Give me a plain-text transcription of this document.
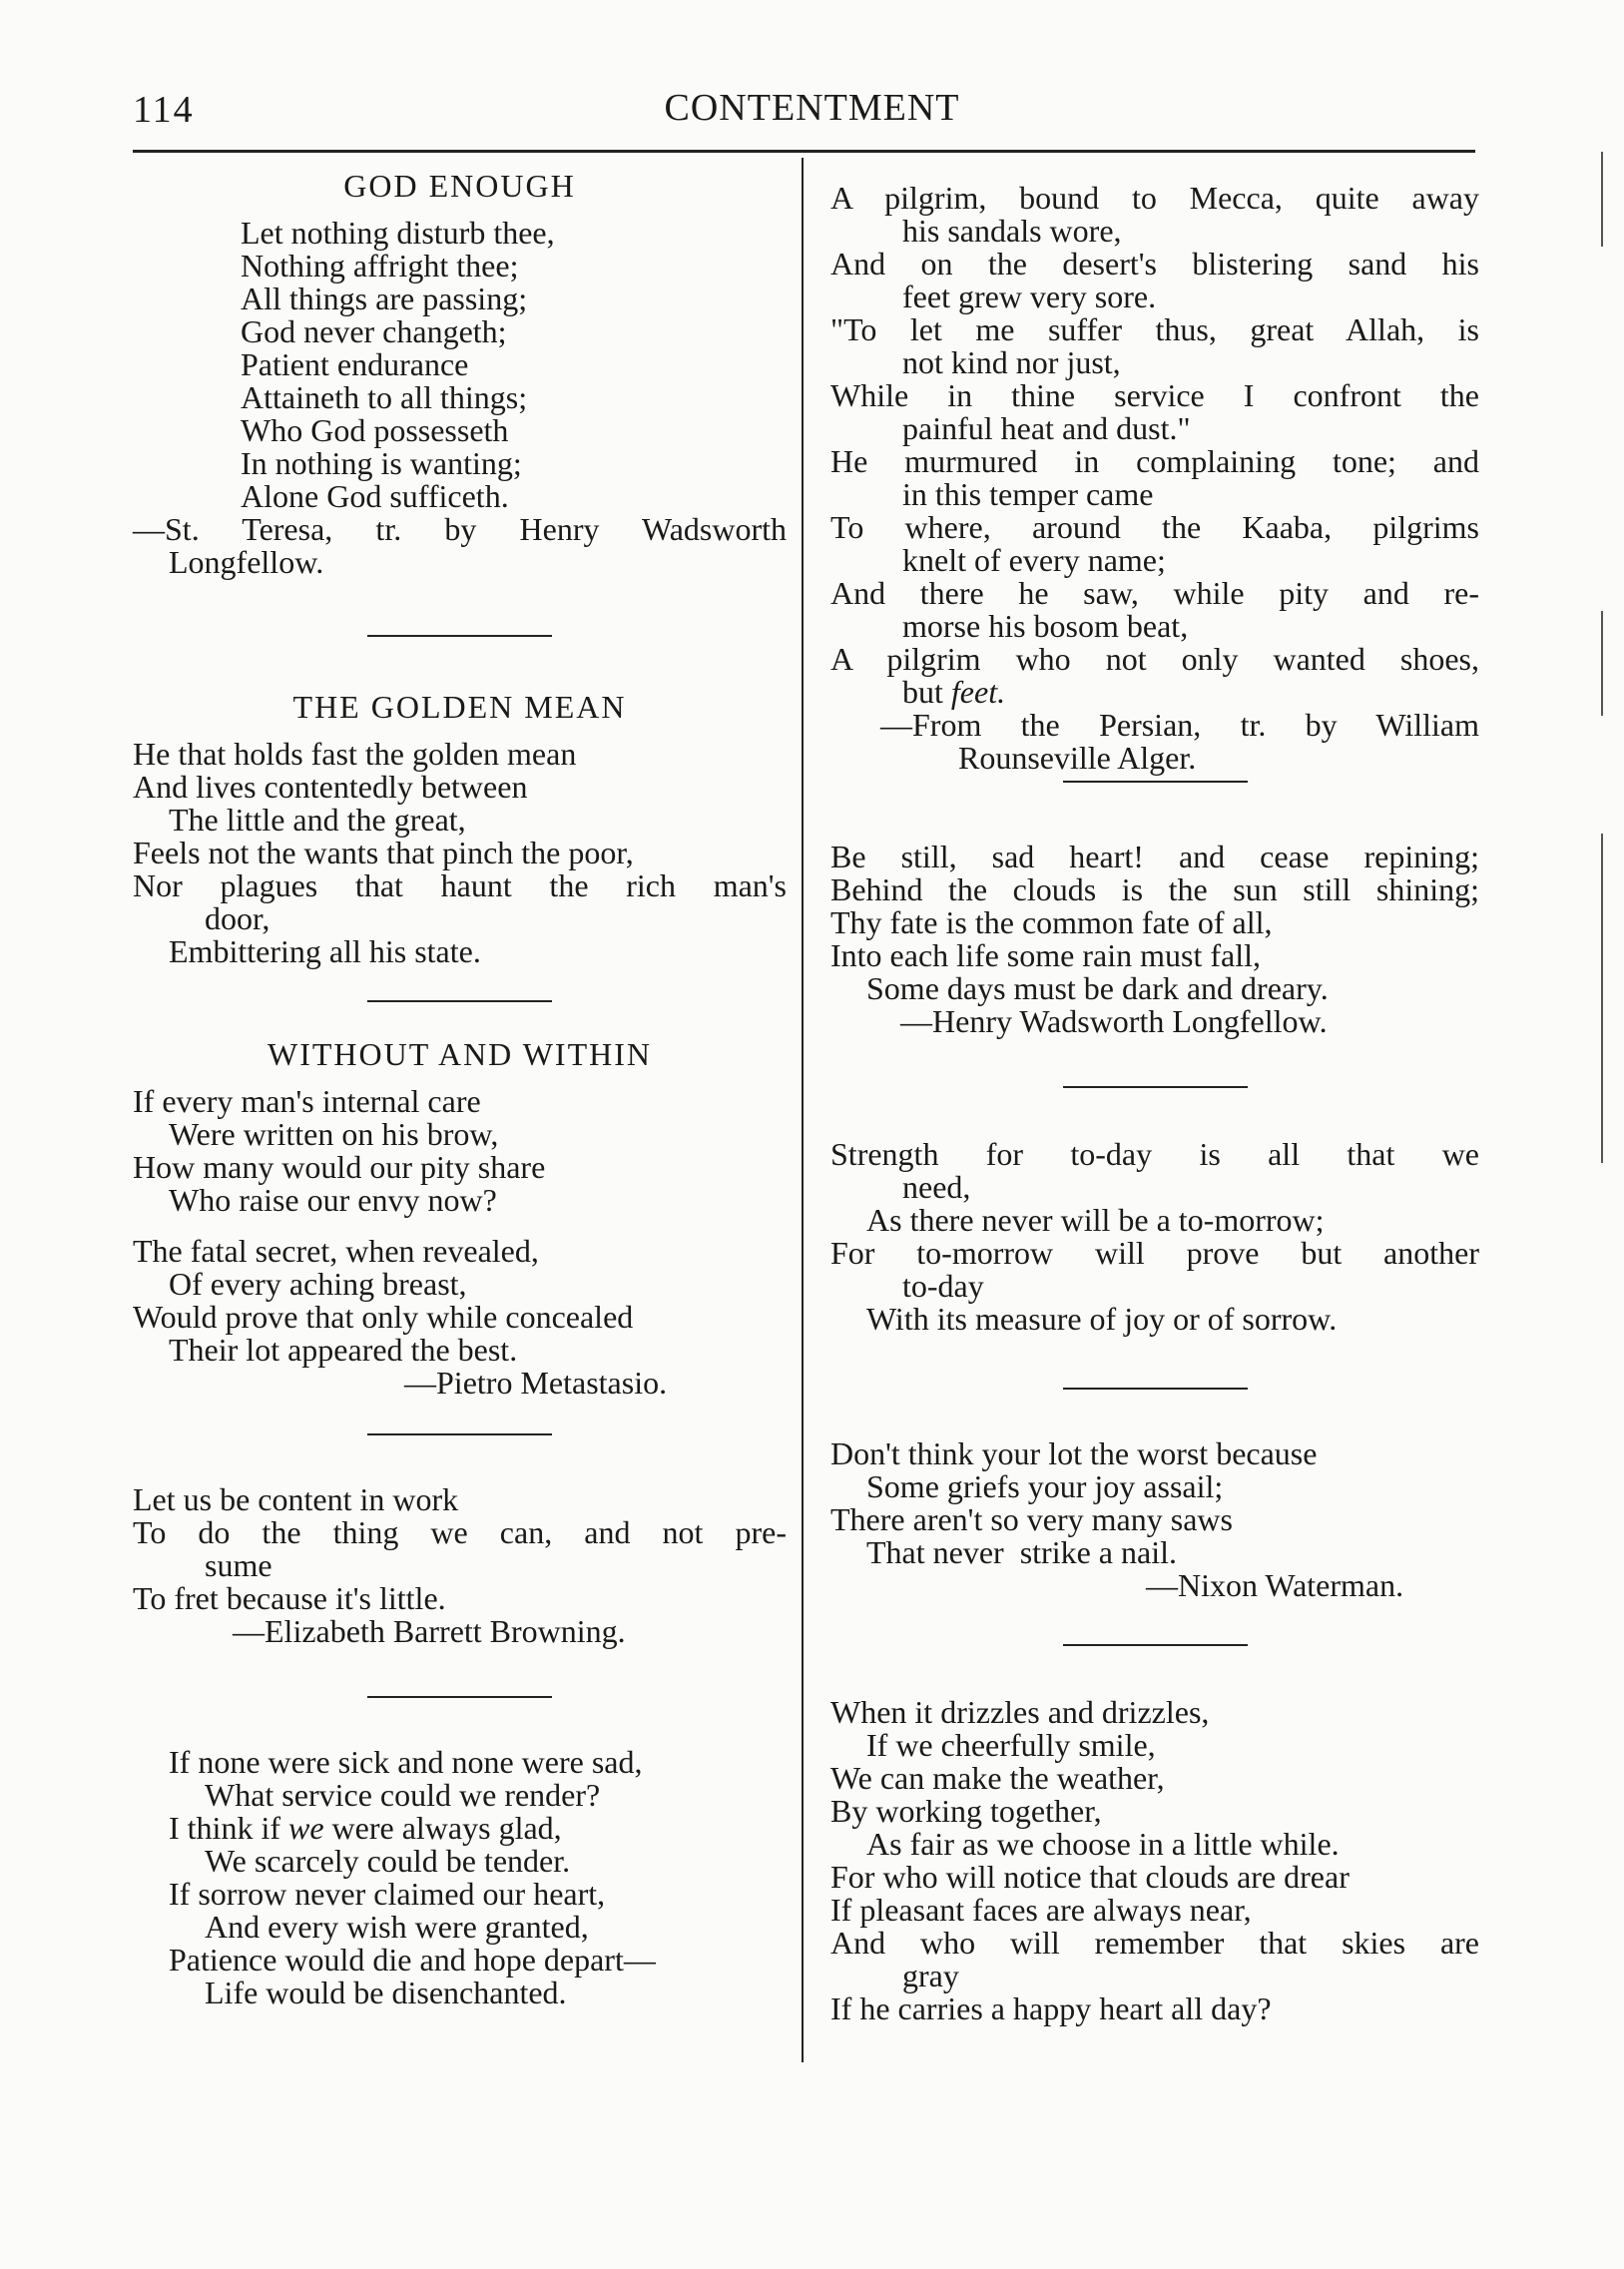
114	CONTENTMENT
GOD ENOUGH
Let nothing disturb thee,
Nothing affright thee;
All things are passing;
God never changeth;
Patient endurance
Attaineth to all things;
Who God possesseth
In nothing is wanting;
Alone God sufficeth.
—St. Teresa, tr. by Henry Wadsworth
Longfellow.
THE GOLDEN MEAN
He that holds fast the golden mean
And lives contentedly between
The little and the great,
Feels not the wants that pinch the poor,
Nor plagues that haunt the rich man's
door,
Embittering all his state.
WITHOUT AND WITHIN
If every man's internal care
Were written on his brow,
How many would our pity share
Who raise our envy now?
The fatal secret, when revealed,
Of every aching breast,
Would prove that only while concealed
Their lot appeared the best.
—Pietro Metastasio.
Let us be content in work
To do the thing we can, and not pre-
sume
To fret because it's little.
—Elizabeth Barrett Browning.
If none were sick and none were sad,
What service could we render?
I think if we were always glad,
We scarcely could be tender.
If sorrow never claimed our heart,
And every wish were granted,
Patience would die and hope depart—
Life would be disenchanted.
A pilgrim, bound to Mecca, quite away
his sandals wore,
And on the desert's blistering sand his
feet grew very sore.
"To let me suffer thus, great Allah, is
not kind nor just,
While in thine service I confront the
painful heat and dust."
He murmured in complaining tone; and
in this temper came
To where, around the Kaaba, pilgrims
knelt of every name;
And there he saw, while pity and re-
morse his bosom beat,
A pilgrim who not only wanted shoes,
but feet.
—From the Persian, tr. by William
Rounseville Alger.
Be still, sad heart! and cease repining;
Behind the clouds is the sun still shining;
Thy fate is the common fate of all,
Into each life some rain must fall,
Some days must be dark and dreary.
—Henry Wadsworth Longfellow.
Strength for to-day is all that we
need,
As there never will be a to-morrow;
For to-morrow will prove but another
to-day
With its measure of joy or of sorrow.
Don't think your lot the worst because
Some griefs your joy assail;
There aren't so very many saws
That never  strike a nail.
—Nixon Waterman.
When it drizzles and drizzles,
If we cheerfully smile,
We can make the weather,
By working together,
As fair as we choose in a little while.
For who will notice that clouds are drear
If pleasant faces are always near,
And who will remember that skies are
gray
If he carries a happy heart all day?
